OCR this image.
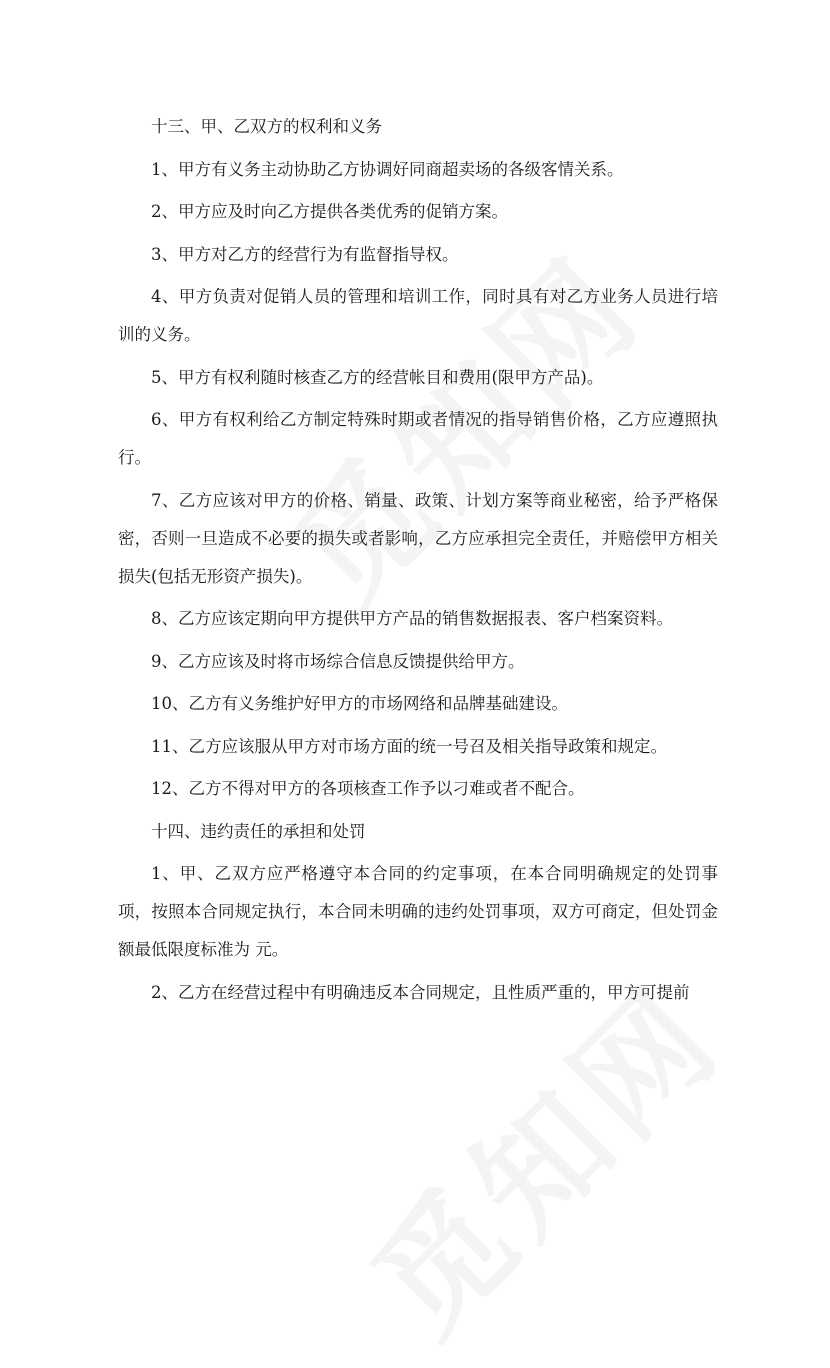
十三、甲、乙双方的权利和义务

1、甲方有义务主动协助乙方协调好同商超卖场的各级客情关系。

2、甲方应及时向乙方提供各类优秀的促销方案。

3、甲方对乙方的经营行为有监督指导权。

4、甲方负责对促销人员的管理和培训工作，同时具有对乙方业务人员进行培训的义务。

5、甲方有权利随时核查乙方的经营帐目和费用(限甲方产品)。

6、甲方有权利给乙方制定特殊时期或者情况的指导销售价格，乙方应遵照执行。

7、乙方应该对甲方的价格、销量、政策、计划方案等商业秘密，给予严格保密，否则一旦造成不必要的损失或者影响，乙方应承担完全责任，并赔偿甲方相关损失(包括无形资产损失)。

8、乙方应该定期向甲方提供甲方产品的销售数据报表、客户档案资料。

9、乙方应该及时将市场综合信息反馈提供给甲方。

10、乙方有义务维护好甲方的市场网络和品牌基础建设。

11、乙方应该服从甲方对市场方面的统一号召及相关指导政策和规定。

12、乙方不得对甲方的各项核查工作予以刁难或者不配合。

十四、违约责任的承担和处罚

1、甲、乙双方应严格遵守本合同的约定事项，在本合同明确规定的处罚事项，按照本合同规定执行，本合同未明确的违约处罚事项，双方可商定，但处罚金额最低限度标准为 元。

2、乙方在经营过程中有明确违反本合同规定，且性质严重的，甲方可提前
